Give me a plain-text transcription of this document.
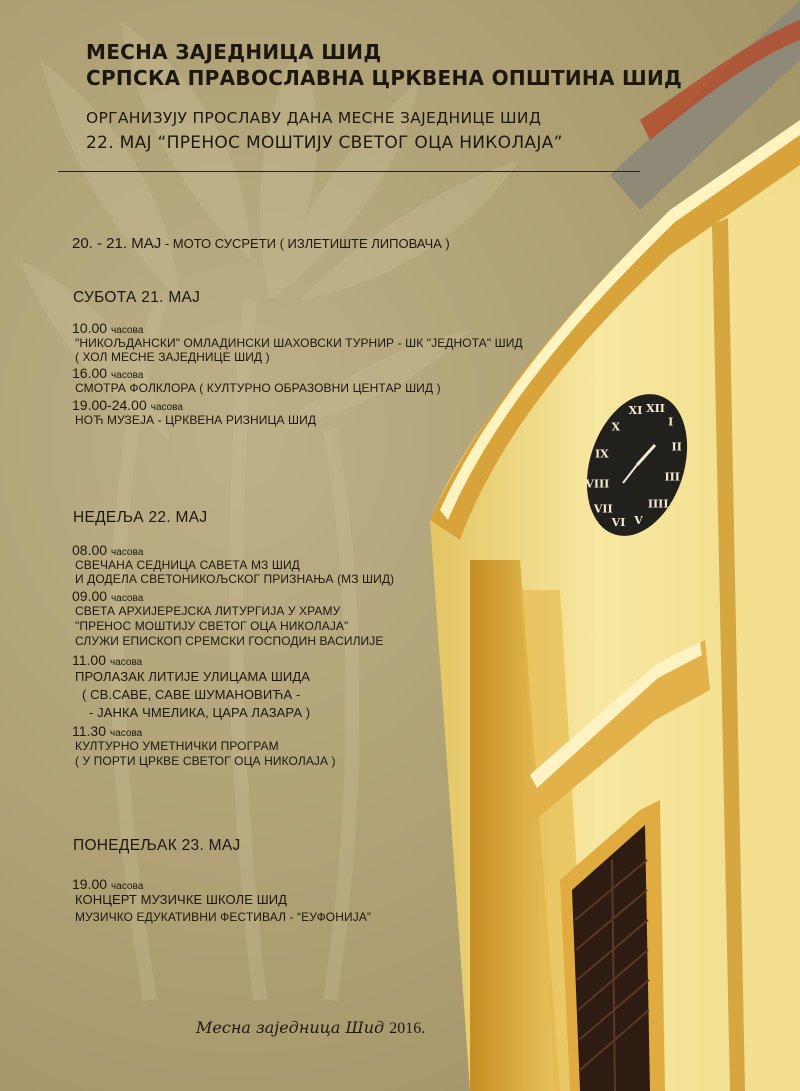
XII
I
II
III
IIII
V
VI
VII
VIII
IX
X
XI
МЕСНА ЗАЈЕДНИЦА ШИД
СРПСКА ПРАВОСЛАВНА ЦРКВЕНА ОПШТИНА ШИД
ОРГАНИЗУЈУ ПРОСЛАВУ ДАНА МЕСНЕ ЗАЈЕДНИЦЕ ШИД
22. МАЈ “ПРЕНОС МОШТИЈУ СВЕТОГ ОЦА НИКОЛАЈА”
20. - 21. МАЈ - МОТО СУСРЕТИ ( ИЗЛЕТИШТЕ ЛИПОВАЧА )
СУБОТА 21. МАЈ
10.00 часова
"НИКОЉДАНСКИ" ОМЛАДИНСКИ ШАХОВСКИ ТУРНИР - ШК "ЈЕДНОТА" ШИД
( ХОЛ МЕСНЕ ЗАЈЕДНИЦЕ ШИД )
16.00 часова
СМОТРА ФОЛКЛОРА ( КУЛТУРНО ОБРАЗОВНИ ЦЕНТАР ШИД )
19.00-24.00 часова
НОЋ МУЗЕЈА - ЦРКВЕНА РИЗНИЦА ШИД
НЕДЕЉА 22. МАЈ
08.00 часова
СВЕЧАНА СЕДНИЦА САВЕТА МЗ ШИД
И ДОДЕЛА СВЕТОНИКОЉСКОГ ПРИЗНАЊА (МЗ ШИД)
09.00 часова
СВЕТА АРХИЈЕРЕЈСКА ЛИТУРГИЈА У ХРАМУ
"ПРЕНОС МОШТИЈУ СВЕТОГ ОЦА НИКОЛАЈА"
СЛУЖИ ЕПИСКОП СРЕМСКИ ГОСПОДИН ВАСИЛИЈЕ
11.00 часова
ПРОЛАЗАК ЛИТИЈЕ УЛИЦАМА ШИДА
( СВ.САВЕ, САВЕ ШУМАНОВИЋА -
- ЈАНКА ЧМЕЛИКА, ЦАРА ЛАЗАРА )
11.30 часова
КУЛТУРНО УМЕТНИЧКИ ПРОГРАМ
( У ПОРТИ ЦРКВЕ СВЕТОГ ОЦА НИКОЛАЈА )
ПОНЕДЕЉАК 23. МАЈ
19.00 часова
КОНЦЕРТ МУЗИЧКЕ ШКОЛЕ ШИД
МУЗИЧКО ЕДУКАТИВНИ ФЕСТИВАЛ - “ЕУФОНИЈА”
Месна заједница Шид 2016.
